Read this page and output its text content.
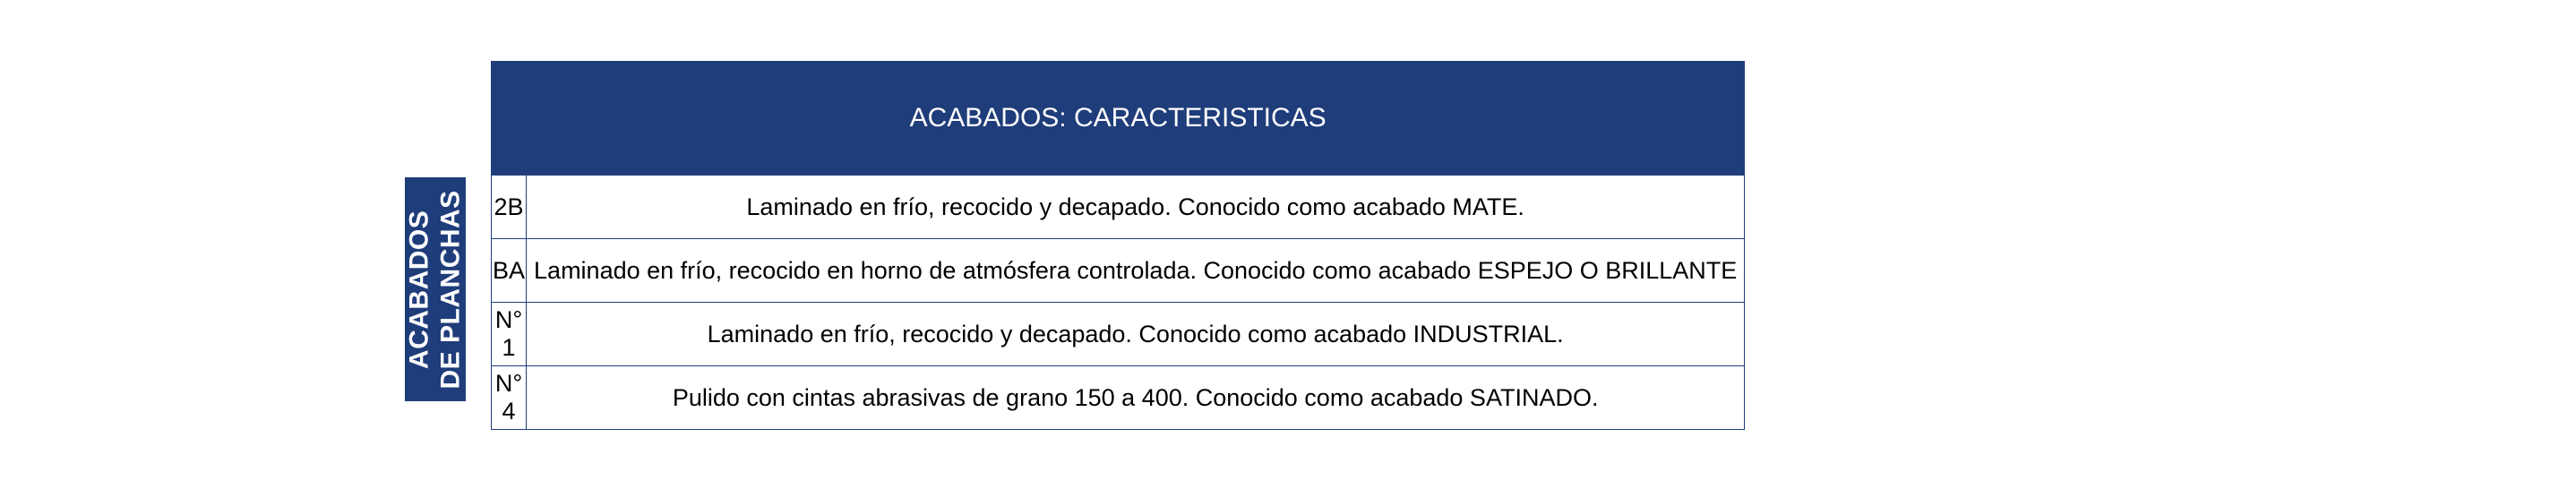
ACABADOS DE PLANCHAS
ACABADOS: CARACTERISTICAS	
2B	Laminado en frío, recocido y decapado. Conocido como acabado MATE.
BA	Laminado en frío, recocido en horno de atmósfera controlada. Conocido como acabado ESPEJO O BRILLANTE
N° 1	Laminado en frío, recocido y decapado. Conocido como acabado INDUSTRIAL.
N° 4	Pulido con cintas abrasivas de grano 150 a 400. Conocido como acabado SATINADO.
